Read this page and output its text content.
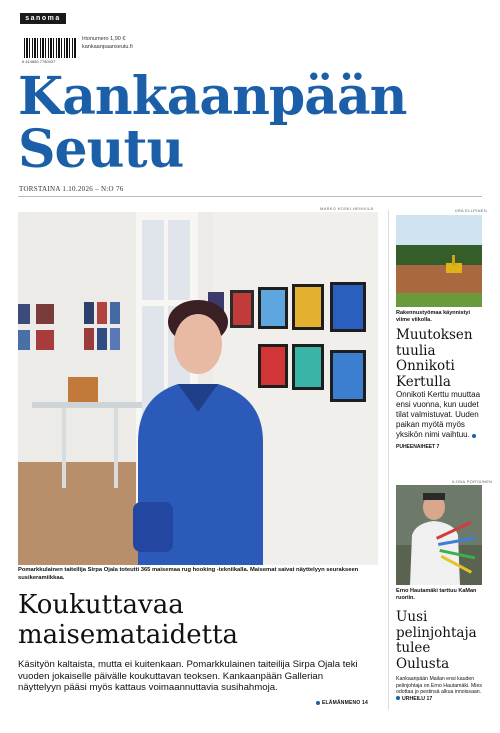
sanoma
6 414880 7780037
Irtonumero 1,90 €
kankaanpaanseutu.fi
Kankaanpään
Seutu
TORSTAINA 1.10.2026 – N:O 76
MARKO KOSKI-HEIKKILÄ
Pomarkkulainen taiteilija Sirpa Ojala toteutti 365 maisemaa rug hooking -tekniikalla. Maisemat saivat näyttelyyn seurakseen susikeramiikkaa.
Koukuttavaa maisemataidetta
Käsityön kaltaista, mutta ei kuitenkaan. Pomarkkulainen taiteilija Sirpa Ojala teki vuoden jokaiselle päivälle koukuttavan teoksen. Kankaanpään Gallerian näyttelyyn pääsi myös kattaus voimaannuttavia susihahmoja.
ELÄMÄNMENO 14
IIRA ELLPINEN
Rakennustyömaa käynnistyi viime viikolla.
Muutoksen tuulia Onnikoti Kertulla
Onnikoti Kerttu muuttaa ensi vuonna, kun uudet tilat valmistuvat. Uuden paikan myötä myös yksikön nimi vaihtuu. PUHEENAIHEET 7
ILONA PORTAINEN
Erno Hautamäki tarttuu KaMan ruoriin.
Uusi pelinjohtaja tulee Oulusta
Kankaanpään Mailan ensi kauden pelinjohtaja on Erno Hautamäki. Mies odottaa jo pestinsä alkua innoissaan. URHEILU 17
